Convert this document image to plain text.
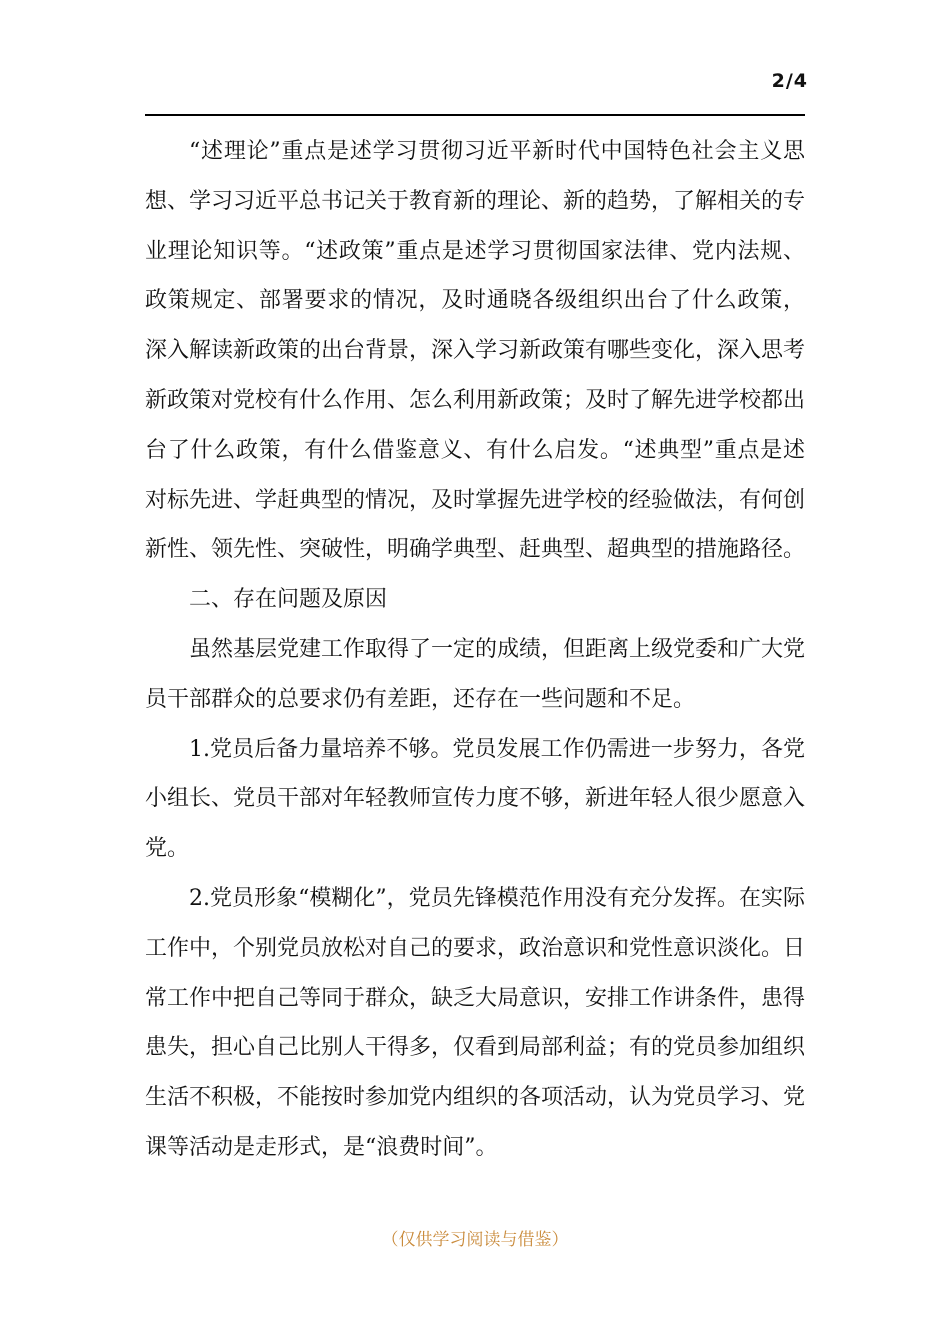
2/4

“述理论”重点是述学习贯彻习近平新时代中国特色社会主义思想、学习习近平总书记关于教育新的理论、新的趋势，了解相关的专业理论知识等。“述政策”重点是述学习贯彻国家法律、党内法规、政策规定、部署要求的情况，及时通晓各级组织出台了什么政策， 深入解读新政策的出台背景，深入学习新政策有哪些变化，深入思考新政策对党校有什么作用、怎么利用新政策；及时了解先进学校都出台了什么政策，有什么借鉴意义、有什么启发。“述典型”重点是述对标先进、学赶典型的情况，及时掌握先进学校的经验做法，有何创新性、领先性、突破性，明确学典型、赶典型、超典型的措施路径。

二、存在问题及原因

虽然基层党建工作取得了一定的成绩，但距离上级党委和广大党员干部群众的总要求仍有差距，还存在一些问题和不足。

1.党员后备力量培养不够。党员发展工作仍需进一步努力，各党小组长、党员干部对年轻教师宣传力度不够，新进年轻人很少愿意入党。

2.党员形象“模糊化”，党员先锋模范作用没有充分发挥。在实际工作中，个别党员放松对自己的要求，政治意识和党性意识淡化。日常工作中把自己等同于群众，缺乏大局意识，安排工作讲条件，患得患失，担心自己比别人干得多，仅看到局部利益；有的党员参加组织生活不积极，不能按时参加党内组织的各项活动，认为党员学习、党课等活动是走形式，是“浪费时间”。

（仅供学习阅读与借鉴）
